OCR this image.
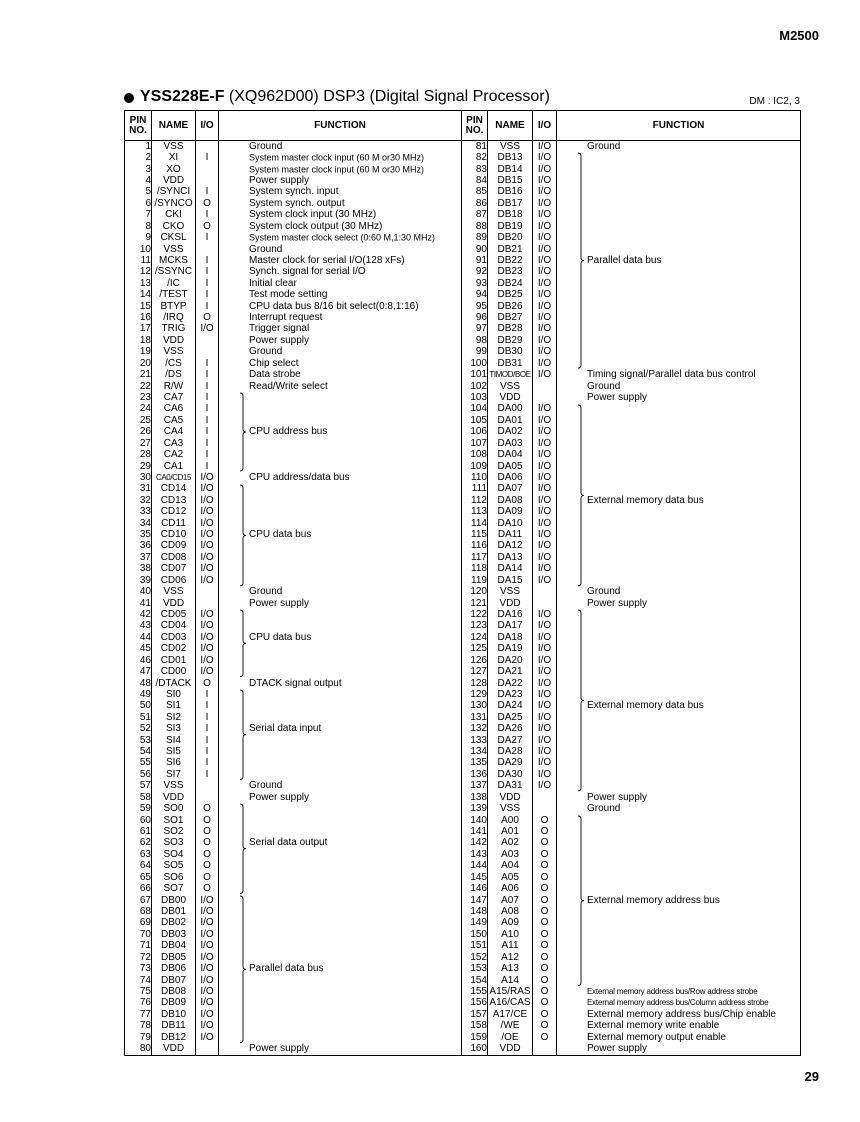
M2500
YSS228E-F (XQ962D00) DSP3 (Digital Signal Processor)	DM : IC2, 3
PIN
NO.	NAME	I/O	FUNCTION	PIN
NO.	NAME	I/O	FUNCTION
1	VSS		Ground	81	VSS	I/O	Ground

2	XI	I	System master clock input (60 M or30 MHz)	82	DB13	I/O	

3	XO		System master clock input (60 M or30 MHz)	83	DB14	I/O	

4	VDD		Power supply	84	DB15	I/O	

5	/SYNCI	I	System synch. input	85	DB16	I/O	

6	/SYNCO	O	System synch. output	86	DB17	I/O	

7	CKI	I	System clock input (30 MHz)	87	DB18	I/O	

8	CKO	O	System clock output (30 MHz)	88	DB19	I/O	

9	CKSL	I	System master clock select (0:60 M,1:30 MHz)	89	DB20	I/O	

10	VSS		Ground	90	DB21	I/O	

11	MCKS	I	Master clock for serial I/O(128 xFs)	91	DB22	I/O	Parallel data bus

12	/SSYNC	I	Synch. signal for serial I/O	92	DB23	I/O	

13	/IC	I	Initial clear	93	DB24	I/O	

14	/TEST	I	Test mode setting	94	DB25	I/O	

15	BTYP	I	CPU data bus 8/16 bit select(0:8,1:16)	95	DB26	I/O	

16	/IRQ	O	Interrupt request	96	DB27	I/O	

17	TRIG	I/O	Trigger signal	97	DB28	I/O	

18	VDD		Power supply	98	DB29	I/O	

19	VSS		Ground	99	DB30	I/O	

20	/CS	I	Chip select	100	DB31	I/O	

21	/DS	I	Data strobe	101	TIMOD/BOE	I/O	Timing signal/Parallel data bus control

22	R/W	I	Read/Write select	102	VSS		Ground

23	CA7	I		103	VDD		Power supply

24	CA6	I		104	DA00	I/O	

25	CA5	I		105	DA01	I/O	

26	CA4	I	CPU address bus	106	DA02	I/O	

27	CA3	I		107	DA03	I/O	

28	CA2	I		108	DA04	I/O	

29	CA1	I		109	DA05	I/O	

30	CA0/CD15	I/O	CPU address/data bus	110	DA06	I/O	

31	CD14	I/O		111	DA07	I/O	

32	CD13	I/O		112	DA08	I/O	External memory data bus

33	CD12	I/O		113	DA09	I/O	

34	CD11	I/O		114	DA10	I/O	

35	CD10	I/O	CPU data bus	115	DA11	I/O	

36	CD09	I/O		116	DA12	I/O	

37	CD08	I/O		117	DA13	I/O	

38	CD07	I/O		118	DA14	I/O	

39	CD06	I/O		119	DA15	I/O	

40	VSS		Ground	120	VSS		Ground

41	VDD		Power supply	121	VDD		Power supply

42	CD05	I/O		122	DA16	I/O	

43	CD04	I/O		123	DA17	I/O	

44	CD03	I/O	CPU data bus	124	DA18	I/O	

45	CD02	I/O		125	DA19	I/O	

46	CD01	I/O		126	DA20	I/O	

47	CD00	I/O		127	DA21	I/O	

48	/DTACK	O	DTACK signal output	128	DA22	I/O	

49	SI0	I		129	DA23	I/O	

50	SI1	I		130	DA24	I/O	External memory data bus

51	SI2	I		131	DA25	I/O	

52	SI3	I	Serial data input	132	DA26	I/O	

53	SI4	I		133	DA27	I/O	

54	SI5	I		134	DA28	I/O	

55	SI6	I		135	DA29	I/O	

56	SI7	I		136	DA30	I/O	

57	VSS		Ground	137	DA31	I/O	

58	VDD		Power supply	138	VDD		Power supply

59	SO0	O		139	VSS		Ground

60	SO1	O		140	A00	O	

61	SO2	O		141	A01	O	

62	SO3	O	Serial data output	142	A02	O	

63	SO4	O		143	A03	O	

64	SO5	O		144	A04	O	

65	SO6	O		145	A05	O	

66	SO7	O		146	A06	O	

67	DB00	I/O		147	A07	O	External memory address bus

68	DB01	I/O		148	A08	O	

69	DB02	I/O		149	A09	O	

70	DB03	I/O		150	A10	O	

71	DB04	I/O		151	A11	O	

72	DB05	I/O		152	A12	O	

73	DB06	I/O	Parallel data bus	153	A13	O	

74	DB07	I/O		154	A14	O	

75	DB08	I/O		155	A15/RAS	O	External memory address bus/Row address strobe

76	DB09	I/O		156	A16/CAS	O	External memory address bus/Column address strobe

77	DB10	I/O		157	A17/CE	O	External memory address bus/Chip enable

78	DB11	I/O		158	/WE	O	External memory write enable

79	DB12	I/O		159	/OE	O	External memory output enable

80	VDD		Power supply	160	VDD		Power supply
29
